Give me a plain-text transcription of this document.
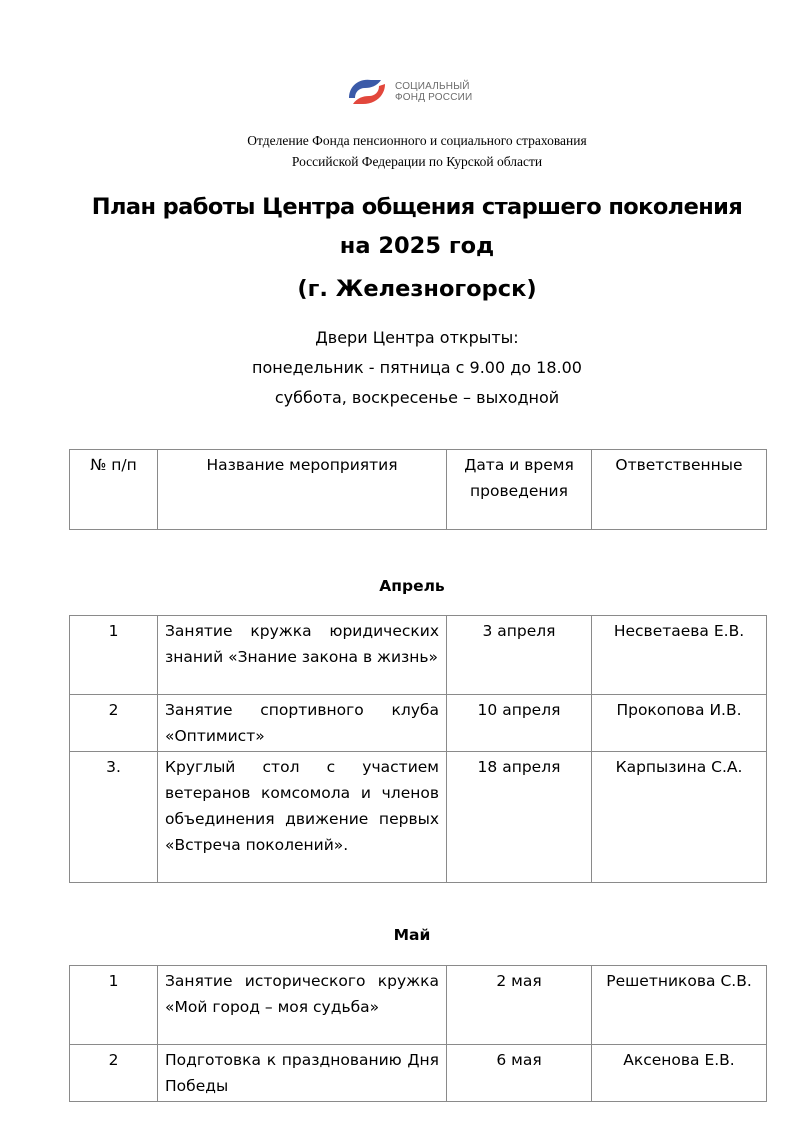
СОЦИАЛЬНЫЙ
ФОНД РОССИИ
Отделение Фонда пенсионного и социального страхования
Российской Федерации по Курской области
План работы Центра общения старшего поколения
на 2025 год
(г. Железногорск)
Двери Центра открыты:
понедельник - пятница с 9.00 до 18.00
суббота, воскресенье – выходной
№ п/п	Название мероприятия	Дата и время проведения	Ответственные
Апрель
1	Занятие кружка юридических знаний «Знание закона в жизнь»	3 апреля	Несветаева Е.В.
2	Занятие спортивного клуба «Оптимист»	10 апреля	Прокопова И.В.
3.	Круглый стол с участием ветеранов комсомола и членов объединения движение первых «Встреча поколений».	18 апреля	Карпызина С.А.
Май
1	Занятие исторического кружка «Мой город – моя судьба»	2 мая	Решетникова С.В.
2	Подготовка к празднованию Дня Победы	6 мая	Аксенова Е.В.
